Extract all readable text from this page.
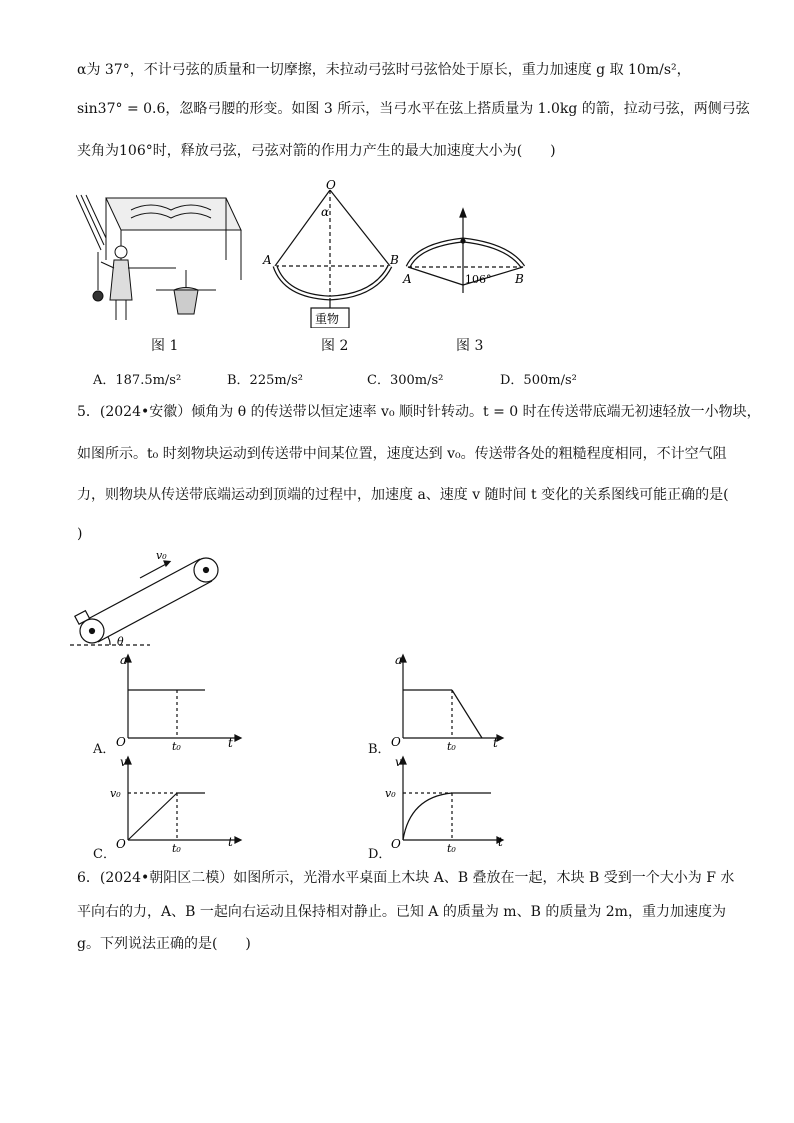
α为 37°，不计弓弦的质量和一切摩擦，未拉动弓弦时弓弦恰处于原长，重力加速度 g 取 10m/s²，
sin37° = 0.6，忽略弓腰的形变。如图 3 所示，当弓水平在弦上搭质量为 1.0kg 的箭，拉动弓弦，两侧弓弦
夹角为106°时，释放弓弦，弓弦对箭的作用力产生的最大加速度大小为(　　)
图 1
O
α
A	B
重物
图 2
A	B
106°
图 3
A．187.5m/s²	B．225m/s²	C．300m/s²	D．500m/s²
5．(2024•安徽）倾角为 θ 的传送带以恒定速率 v₀ 顺时针转动。t = 0 时在传送带底端无初速轻放一小物块，
如图所示。t₀ 时刻物块运动到传送带中间某位置，速度达到 v₀。传送带各处的粗糙程度相同，不计空气阻
力，则物块从传送带底端运动到顶端的过程中，加速度 a、速度 v 随时间 t 变化的关系图线可能正确的是(
)
v₀
θ
a
t
O	t₀
A．
a
t
O	t₀
B．
v
t
O	t₀
v₀
C．
v
t
O	t₀
v₀
D．
6．(2024•朝阳区二模）如图所示，光滑水平桌面上木块 A、B 叠放在一起，木块 B 受到一个大小为 F 水
平向右的力，A、B 一起向右运动且保持相对静止。已知 A 的质量为 m、B 的质量为 2m，重力加速度为
g。下列说法正确的是(　　)
